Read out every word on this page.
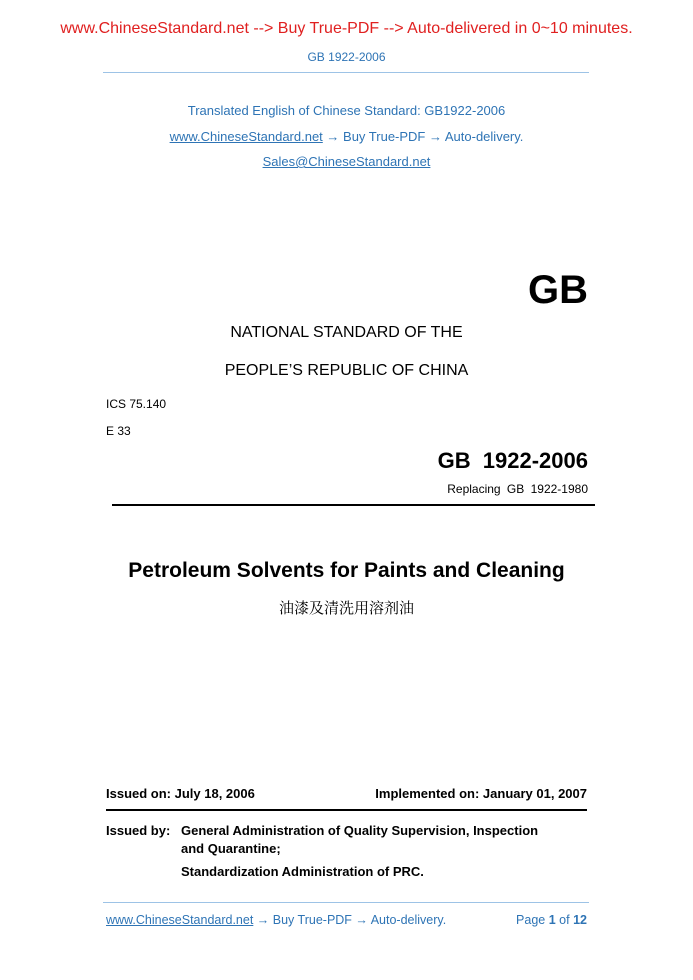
www.ChineseStandard.net --> Buy True-PDF --> Auto-delivered in 0~10 minutes.
GB 1922-2006
Translated English of Chinese Standard: GB1922-2006
www.ChineseStandard.net → Buy True-PDF → Auto-delivery.
Sales@ChineseStandard.net
GB
NATIONAL STANDARD OF THE
PEOPLE’S REPUBLIC OF CHINA
ICS 75.140
E 33
GB 1922-2006
Replacing GB 1922-1980
Petroleum Solvents for Paints and Cleaning
油漆及清洗用溶剂油
Issued on: July 18, 2006	Implemented on: January 01, 2007
Issued by: General Administration of Quality Supervision, Inspection
and Quarantine;
Standardization Administration of PRC.
www.ChineseStandard.net → Buy True-PDF → Auto-delivery.	Page 1 of 12
